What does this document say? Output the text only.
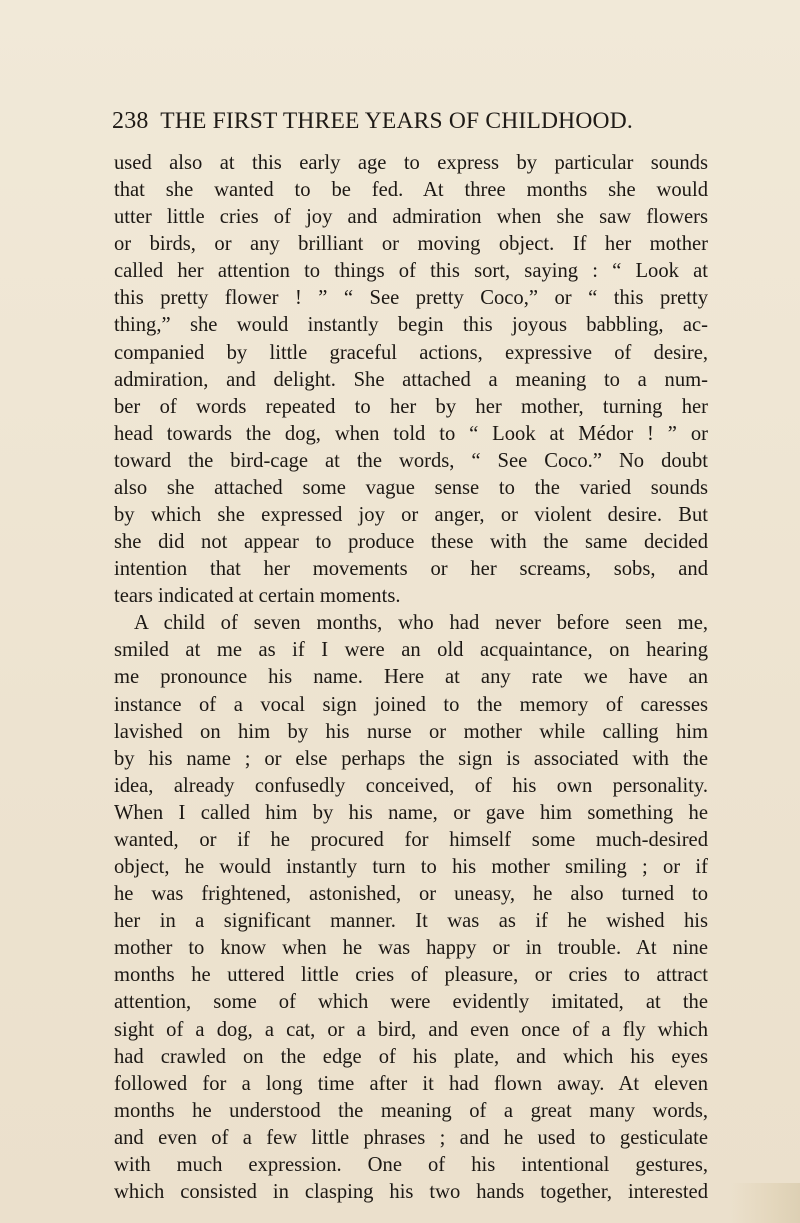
238 THE FIRST THREE YEARS OF CHILDHOOD.
used also at this early age to express by particular sounds
that she wanted to be fed. At three months she would
utter little cries of joy and admiration when she saw flowers
or birds, or any brilliant or moving object. If her mother
called her attention to things of this sort, saying : “ Look at
this pretty flower ! ” “ See pretty Coco,” or “ this pretty
thing,” she would instantly begin this joyous babbling, ac-
companied by little graceful actions, expressive of desire,
admiration, and delight. She attached a meaning to a num-
ber of words repeated to her by her mother, turning her
head towards the dog, when told to “ Look at Médor ! ” or
toward the bird-cage at the words, “ See Coco.” No doubt
also she attached some vague sense to the varied sounds
by which she expressed joy or anger, or violent desire. But
she did not appear to produce these with the same decided
intention that her movements or her screams, sobs, and
tears indicated at certain moments.
A child of seven months, who had never before seen me,
smiled at me as if I were an old acquaintance, on hearing
me pronounce his name. Here at any rate we have an
instance of a vocal sign joined to the memory of caresses
lavished on him by his nurse or mother while calling him
by his name ; or else perhaps the sign is associated with the
idea, already confusedly conceived, of his own personality.
When I called him by his name, or gave him something he
wanted, or if he procured for himself some much-desired
object, he would instantly turn to his mother smiling ; or if
he was frightened, astonished, or uneasy, he also turned to
her in a significant manner. It was as if he wished his
mother to know when he was happy or in trouble. At nine
months he uttered little cries of pleasure, or cries to attract
attention, some of which were evidently imitated, at the
sight of a dog, a cat, or a bird, and even once of a fly which
had crawled on the edge of his plate, and which his eyes
followed for a long time after it had flown away. At eleven
months he understood the meaning of a great many words,
and even of a few little phrases ; and he used to gesticulate
with much expression. One of his intentional gestures,
which consisted in clasping his two hands together, interested
